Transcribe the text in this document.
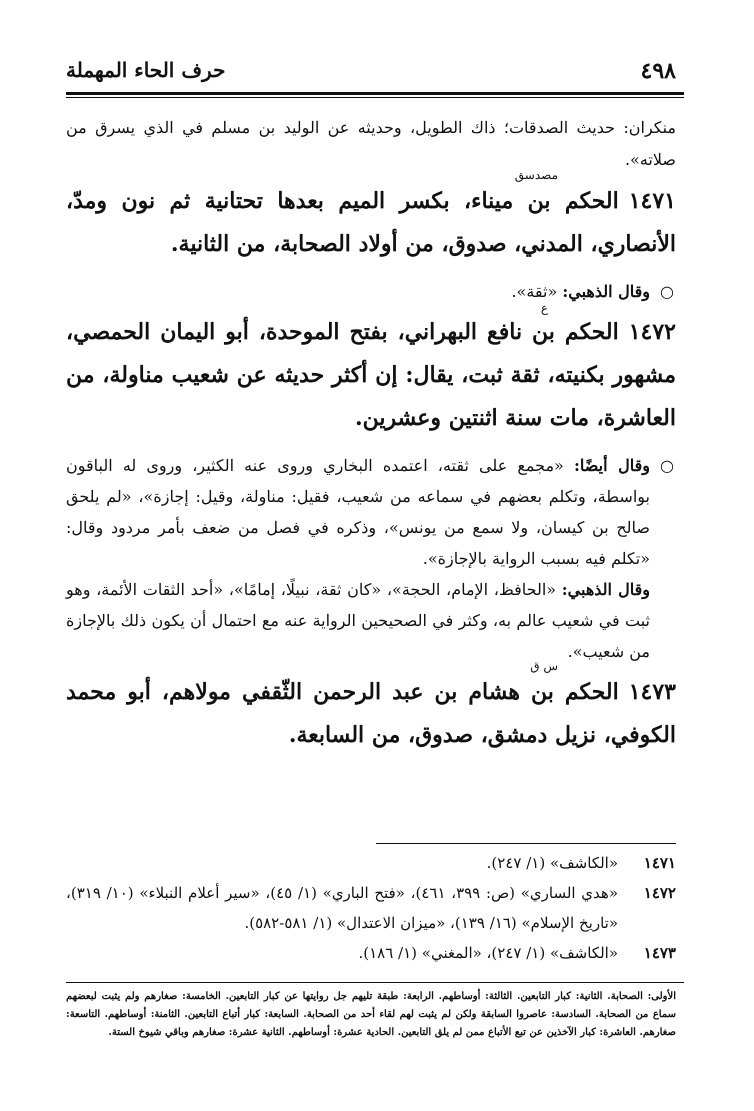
٤٩٨
حرف الحاء المهملة

منكران: حديث الصدقات؛ ذاك الطويل، وحديثه عن الوليد بن مسلم في الذي يسرق من صلاته».

مصدسق
١٤٧١الحكم بن ميناء، بكسر الميم بعدها تحتانية ثم نون ومدّ، الأنصاري، المدني، صدوق، من أولاد الصحابة، من الثانية.
○
وقال الذهبي: «ثقة».
ع
١٤٧٢الحكم بن نافع البهراني، بفتح الموحدة، أبو اليمان الحمصي، مشهور بكنيته، ثقة ثبت، يقال: إن أكثر حديثه عن شعيب مناولة، من العاشرة، مات سنة اثنتين وعشرين.
○
وقال أيضًا: «مجمع على ثقته، اعتمده البخاري وروى عنه الكثير، وروى له الباقون بواسطة، وتكلم بعضهم في سماعه من شعيب، فقيل: مناولة، وقيل: إجازة»، «لم يلحق صالح بن كيسان، ولا سمع من يونس»، وذكره في فصل من ضعف بأمر مردود وقال: «تكلم فيه بسبب الرواية بالإجازة».
وقال الذهبي: «الحافظ، الإمام، الحجة»، «كان ثقة، نبيلًا، إمامًا»، «أحد الثقات الأئمة، وهو ثبت في شعيب عالم به، وكثر في الصحيحين الرواية عنه مع احتمال أن يكون ذلك بالإجازة من شعيب».
س ق
١٤٧٣الحكم بن هشام بن عبد الرحمن الثّقفي مولاهم، أبو محمد الكوفي، نزيل دمشق، صدوق، من السابعة.
١٤٧١
«الكاشف» (١/ ٢٤٧).
١٤٧٢
«هدي الساري» (ص: ٣٩٩، ٤٦١)، «فتح الباري» (١/ ٤٥)، «سير أعلام النبلاء» (١٠/ ٣١٩)، «تاريخ الإسلام» (١٦/ ١٣٩)، «ميزان الاعتدال» (١/ ٥٨١-٥٨٢).
١٤٧٣
«الكاشف» (١/ ٢٤٧)، «المغني» (١/ ١٨٦).
الأولى: الصحابة. الثانية: كبار التابعين. الثالثة: أوساطهم. الرابعة: طبقة تليهم جل روايتها عن كبار التابعين. الخامسة: صغارهم ولم يثبت لبعضهم سماع من الصحابة. السادسة: عاصروا السابقة ولكن لم يثبت لهم لقاء أحد من الصحابة. السابعة: كبار أتباع التابعين. الثامنة: أوساطهم. التاسعة: صغارهم. العاشرة: كبار الآخذين عن تبع الأتباع ممن لم يلق التابعين. الحادية عشرة: أوساطهم. الثانية عشرة: صغارهم وباقي شيوخ الستة.
